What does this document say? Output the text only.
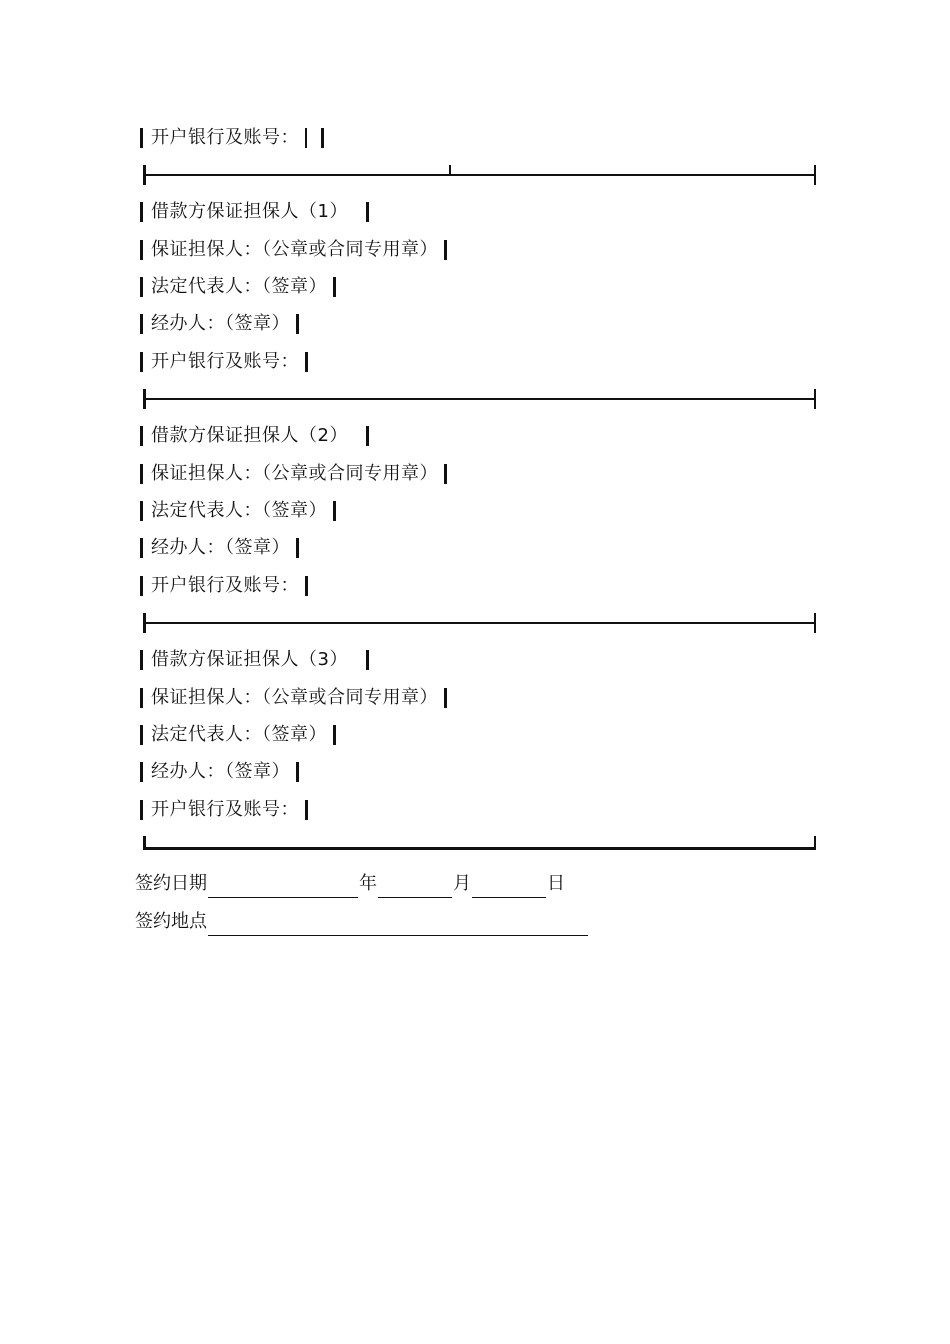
开户银行及账号：
借款方保证担保人（1）
保证担保人：（公章或合同专用章）
法定代表人：（签章）
经办人：（签章）
开户银行及账号：
借款方保证担保人（2）
保证担保人：（公章或合同专用章）
法定代表人：（签章）
经办人：（签章）
开户银行及账号：
借款方保证担保人（3）
保证担保人：（公章或合同专用章）
法定代表人：（签章）
经办人：（签章）
开户银行及账号：
签约日期	年	月	日
签约地点
